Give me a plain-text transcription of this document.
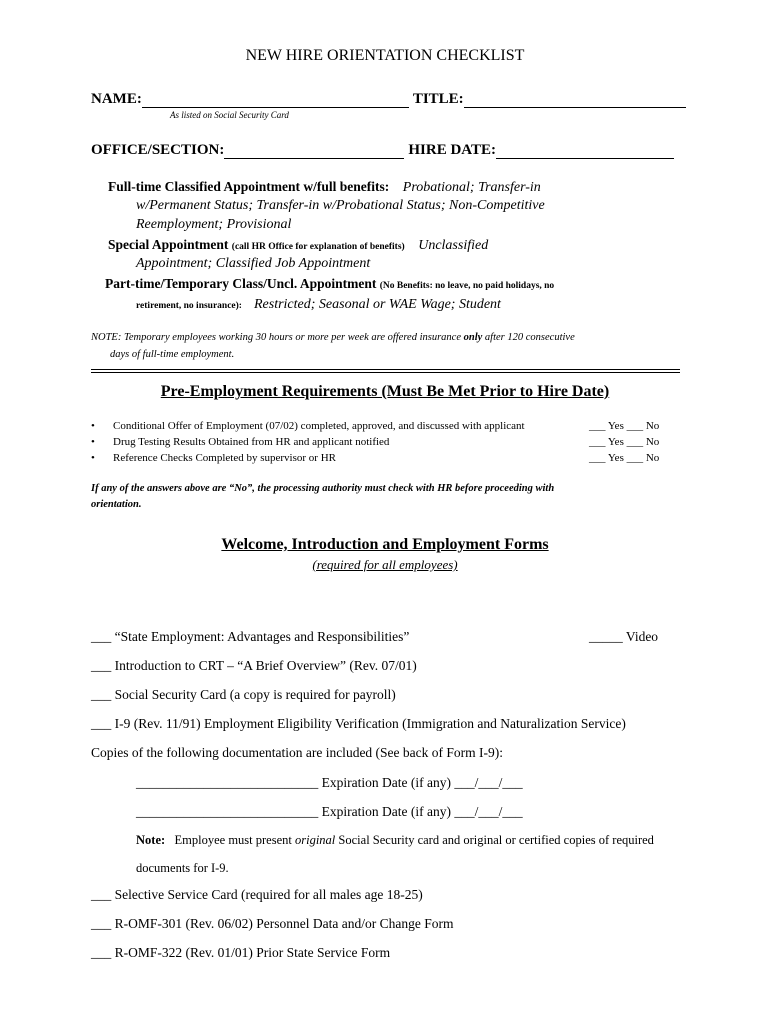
NEW HIRE ORIENTATION CHECKLIST
NAME:	TITLE:
As listed on Social Security Card
OFFICE/SECTION:	HIRE DATE:
Full-time Classified Appointment w/full benefits: Probational; Transfer-in
w/Permanent Status; Transfer-in w/Probational Status; Non-Competitive
Reemployment; Provisional
Special Appointment (call HR Office for explanation of benefits) Unclassified
Appointment; Classified Job Appointment
Part-time/Temporary Class/Uncl. Appointment (No Benefits: no leave, no paid holidays, no
retirement, no insurance): Restricted; Seasonal or WAE Wage; Student
NOTE: Temporary employees working 30 hours or more per week are offered insurance only after 120 consecutive
days of full-time employment.
Pre-Employment Requirements (Must Be Met Prior to Hire Date)
• Conditional Offer of Employment (07/02) completed, approved, and discussed with applicant	___ Yes ___ No
• Drug Testing Results Obtained from HR and applicant notified	___ Yes ___ No
• Reference Checks Completed by supervisor or HR	___ Yes ___ No
If any of the answers above are “No”, the processing authority must check with HR before proceeding with
orientation.
Welcome, Introduction and Employment Forms
(required for all employees)
___ “State Employment: Advantages and Responsibilities”	_____ Video
___ Introduction to CRT – “A Brief Overview” (Rev. 07/01)
___ Social Security Card (a copy is required for payroll)
___ I-9 (Rev. 11/91) Employment Eligibility Verification (Immigration and Naturalization Service)
Copies of the following documentation are included (See back of Form I-9):
___________________________ Expiration Date (if any) ___/___/___
___________________________ Expiration Date (if any) ___/___/___
Note: Employee must present original Social Security card and original or certified copies of required
documents for I-9.
___ Selective Service Card (required for all males age 18-25)
___ R-OMF-301 (Rev. 06/02) Personnel Data and/or Change Form
___ R-OMF-322 (Rev. 01/01) Prior State Service Form
